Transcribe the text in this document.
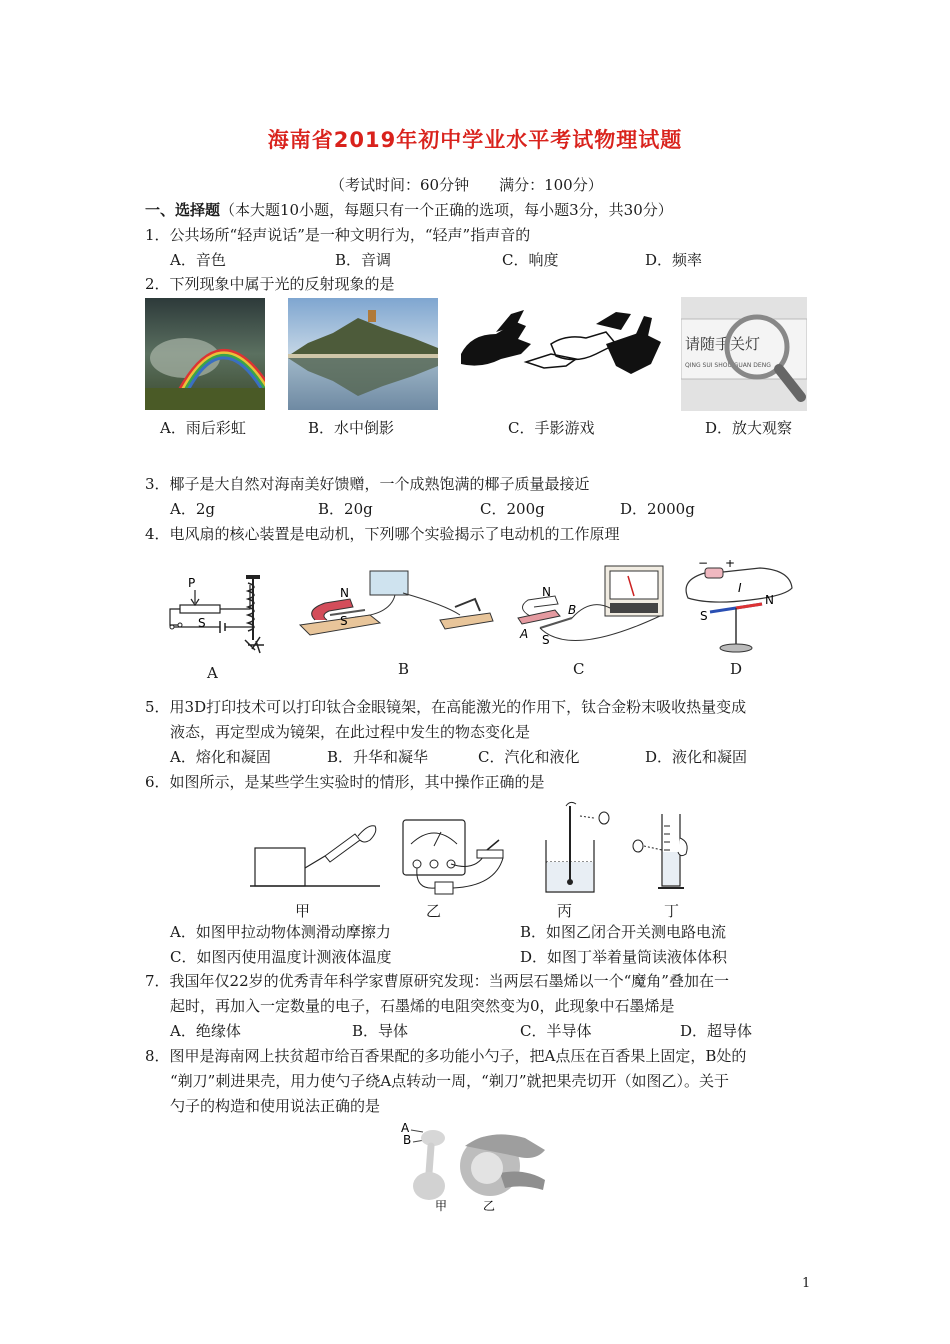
海南省2019年初中学业水平考试物理试题
（考试时间：60分钟　　满分：100分）
一、选择题（本大题10小题，每题只有一个正确的选项，每小题3分，共30分）
1．公共场所“轻声说话”是一种文明行为，“轻声”指声音的
A．音色	B．音调	C．响度	D．频率
2．下列现象中属于光的反射现象的是
A．雨后彩虹	B．水中倒影	C．手影游戏
请随手关灯
QING SUI SHOU GUAN DENG
D．放大观察
3．椰子是大自然对海南美好馈赠，一个成熟饱满的椰子质量最接近
A．2g	B．20g	C．200g	D．2000g
4．电风扇的核心装置是电动机，下列哪个实验揭示了电动机的工作原理
P
S
A
N
S
B
N
B
A S
C
− +
I
N
S
D
5．用3D打印技术可以打印钛合金眼镜架，在高能激光的作用下，钛合金粉末吸收热量变成
液态，再定型成为镜架，在此过程中发生的物态变化是
A．熔化和凝固	B．升华和凝华	C．汽化和液化	D．液化和凝固
6．如图所示，是某些学生实验时的情形，其中操作正确的是
甲	乙	丙	丁
A．如图甲拉动物体测滑动摩擦力	B．如图乙闭合开关测电路电流
C．如图丙使用温度计测液体温度	D．如图丁举着量筒读液体体积
7．我国年仅22岁的优秀青年科学家曹原研究发现：当两层石墨烯以一个“魔角”叠加在一
起时，再加入一定数量的电子，石墨烯的电阻突然变为0，此现象中石墨烯是
A．绝缘体	B．导体	C．半导体	D．超导体
8．图甲是海南网上扶贫超市给百香果配的多功能小勺子，把A点压在百香果上固定，B处的
“剃刀”刺进果壳，用力使勺子绕A点转动一周，“剃刀”就把果壳切开（如图乙）。关于
勺子的构造和使用说法正确的是
A
B
甲	乙
1
